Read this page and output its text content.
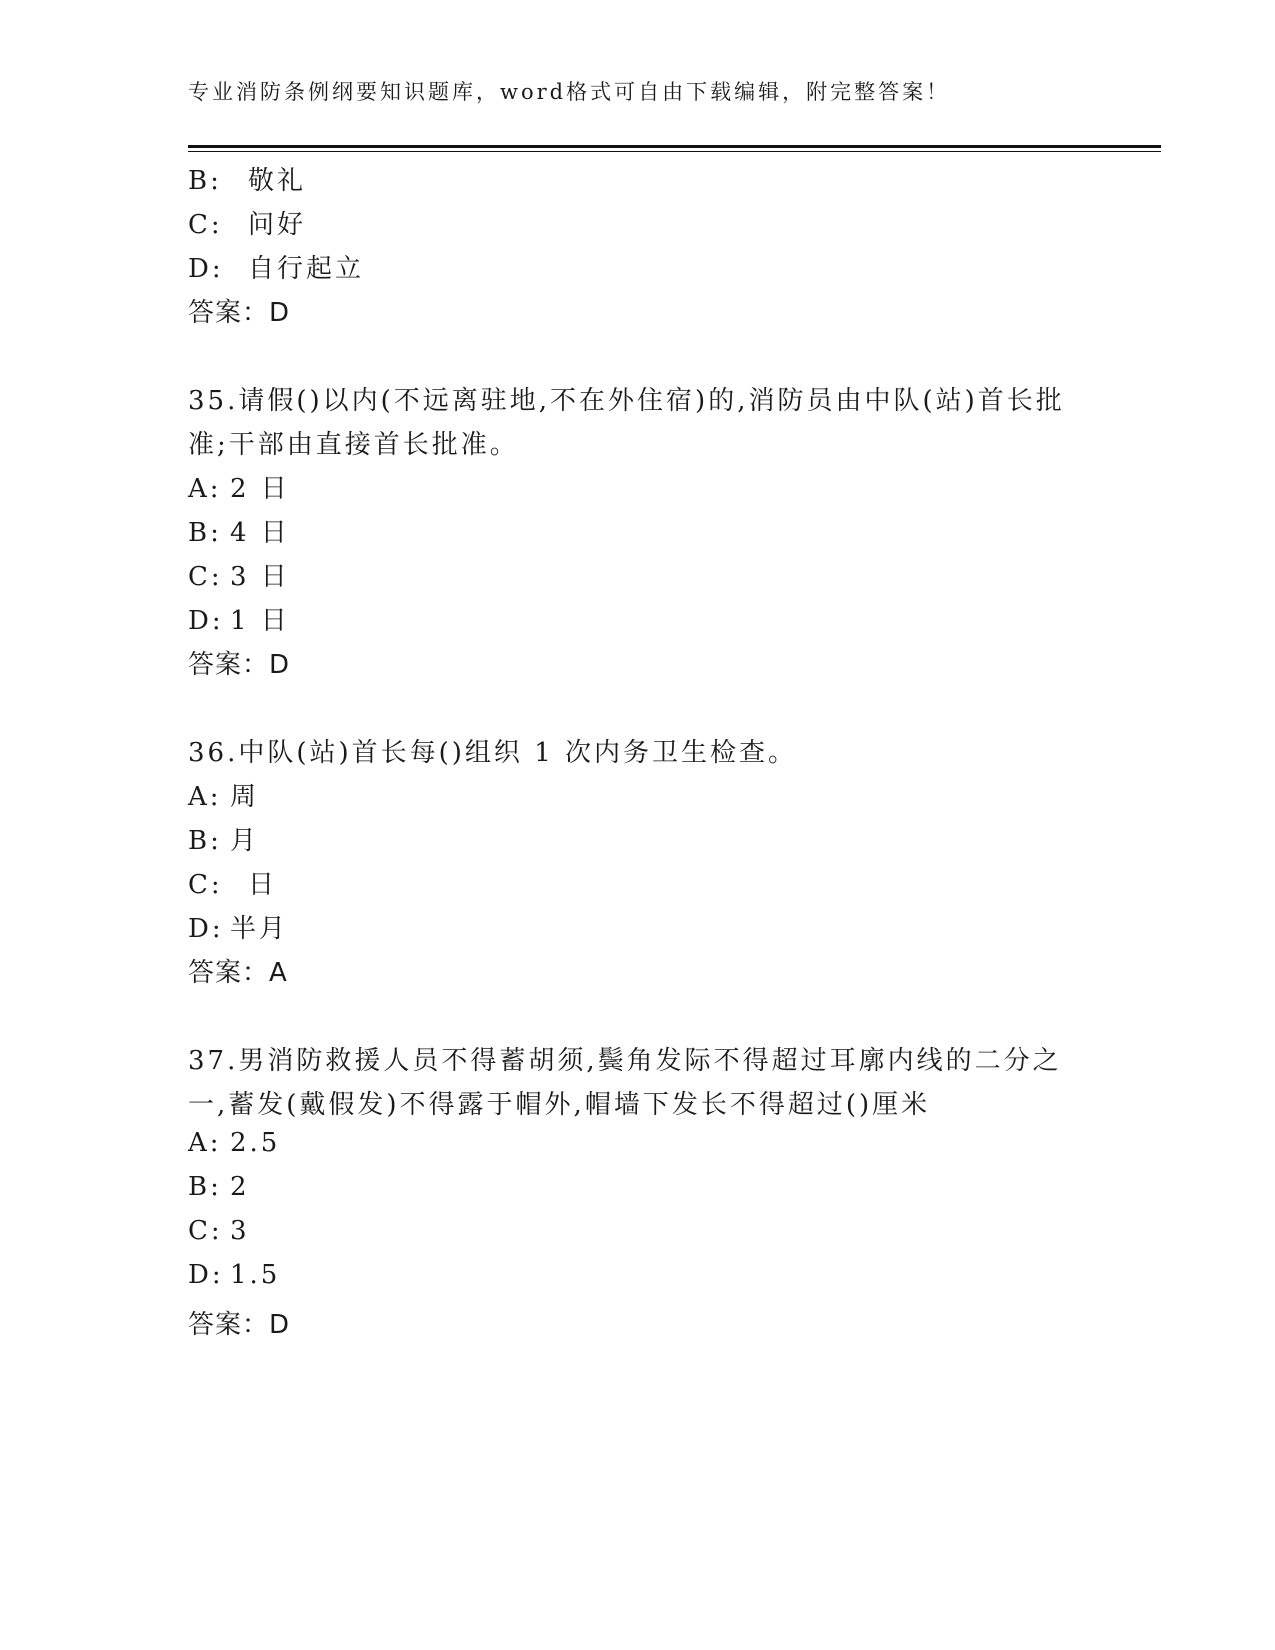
专业消防条例纲要知识题库，word格式可自由下载编辑，附完整答案！
B: 敬礼
C: 问好
D: 自行起立
答案：D
35.请假()以内(不远离驻地,不在外住宿)的,消防员由中队(站)首长批
准;干部由直接首长批准。
A: 2 日
B: 4 日
C: 3 日
D: 1 日
答案：D
36.中队(站)首长每()组织 1 次内务卫生检查。
A: 周
B: 月
C: 日
D: 半月
答案：A
37.男消防救援人员不得蓄胡须,鬓角发际不得超过耳廓内线的二分之
一,蓄发(戴假发)不得露于帽外,帽墙下发长不得超过()厘米
A: 2.5
B: 2
C: 3
D: 1.5
答案：D
